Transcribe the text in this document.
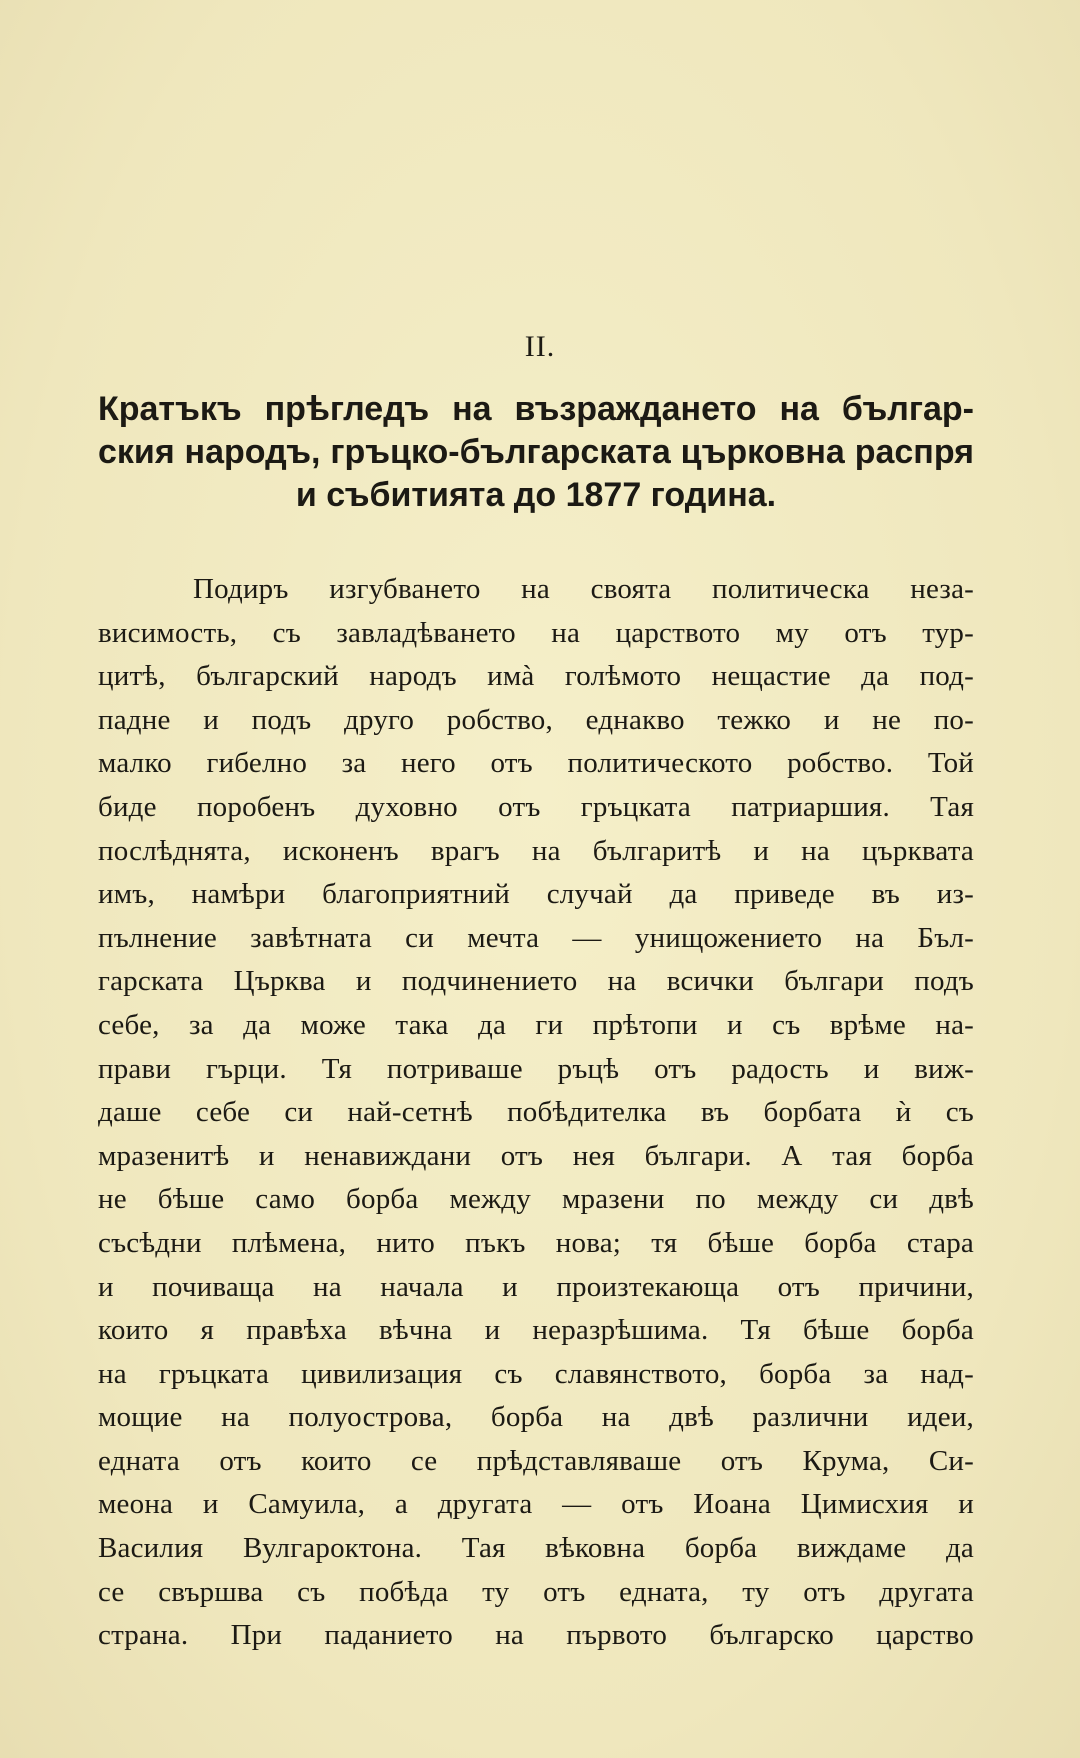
II.
Кратъкъ прѣгледъ на възраждането на българ-
ския народъ, гръцко-българската църковна распря
и събитията до 1877 година.
Подиръ изгубването на своята политическа неза-
висимость, съ завладѣването на царството му отъ тур-
цитѣ, българский народъ имà голѣмото нещастие да под-
падне и подъ друго робство, еднакво тежко и не по-
малко гибелно за него отъ политическото робство. Той
биде поробенъ духовно отъ гръцката патриаршия. Тая
послѣднята, исконенъ врагъ на българитѣ и на църквата
имъ, намѣри благоприятний случай да приведе въ из-
пълнение завѣтната си мечта — унищожението на Бъл-
гарската Църква и подчинението на всички българи подъ
себе, за да може така да ги прѣтопи и съ врѣме на-
прави гърци. Тя потриваше ръцѣ отъ радость и виж-
даше себе си най-сетнѣ побѣдителка въ борбата ѝ съ
мразенитѣ и ненавиждани отъ нея българи. А тая борба
не бѣше само борба между мразени по между си двѣ
съсѣдни плѣмена, нито пъкъ нова; тя бѣше борба стара
и почиваща на начала и произтекающа отъ причини,
които я правѣха вѣчна и неразрѣшима. Тя бѣше борба
на гръцката цивилизация съ славянството, борба за над-
мощие на полуострова, борба на двѣ различни идеи,
едната отъ които се прѣдставляваше отъ Крума, Си-
меона и Самуила, а другата — отъ Иоана Цимисхия и
Василия Вулгароктона. Тая вѣковна борба виждаме да
се свършва съ побѣда ту отъ едната, ту отъ другата
страна. При паданието на първото българско царство
